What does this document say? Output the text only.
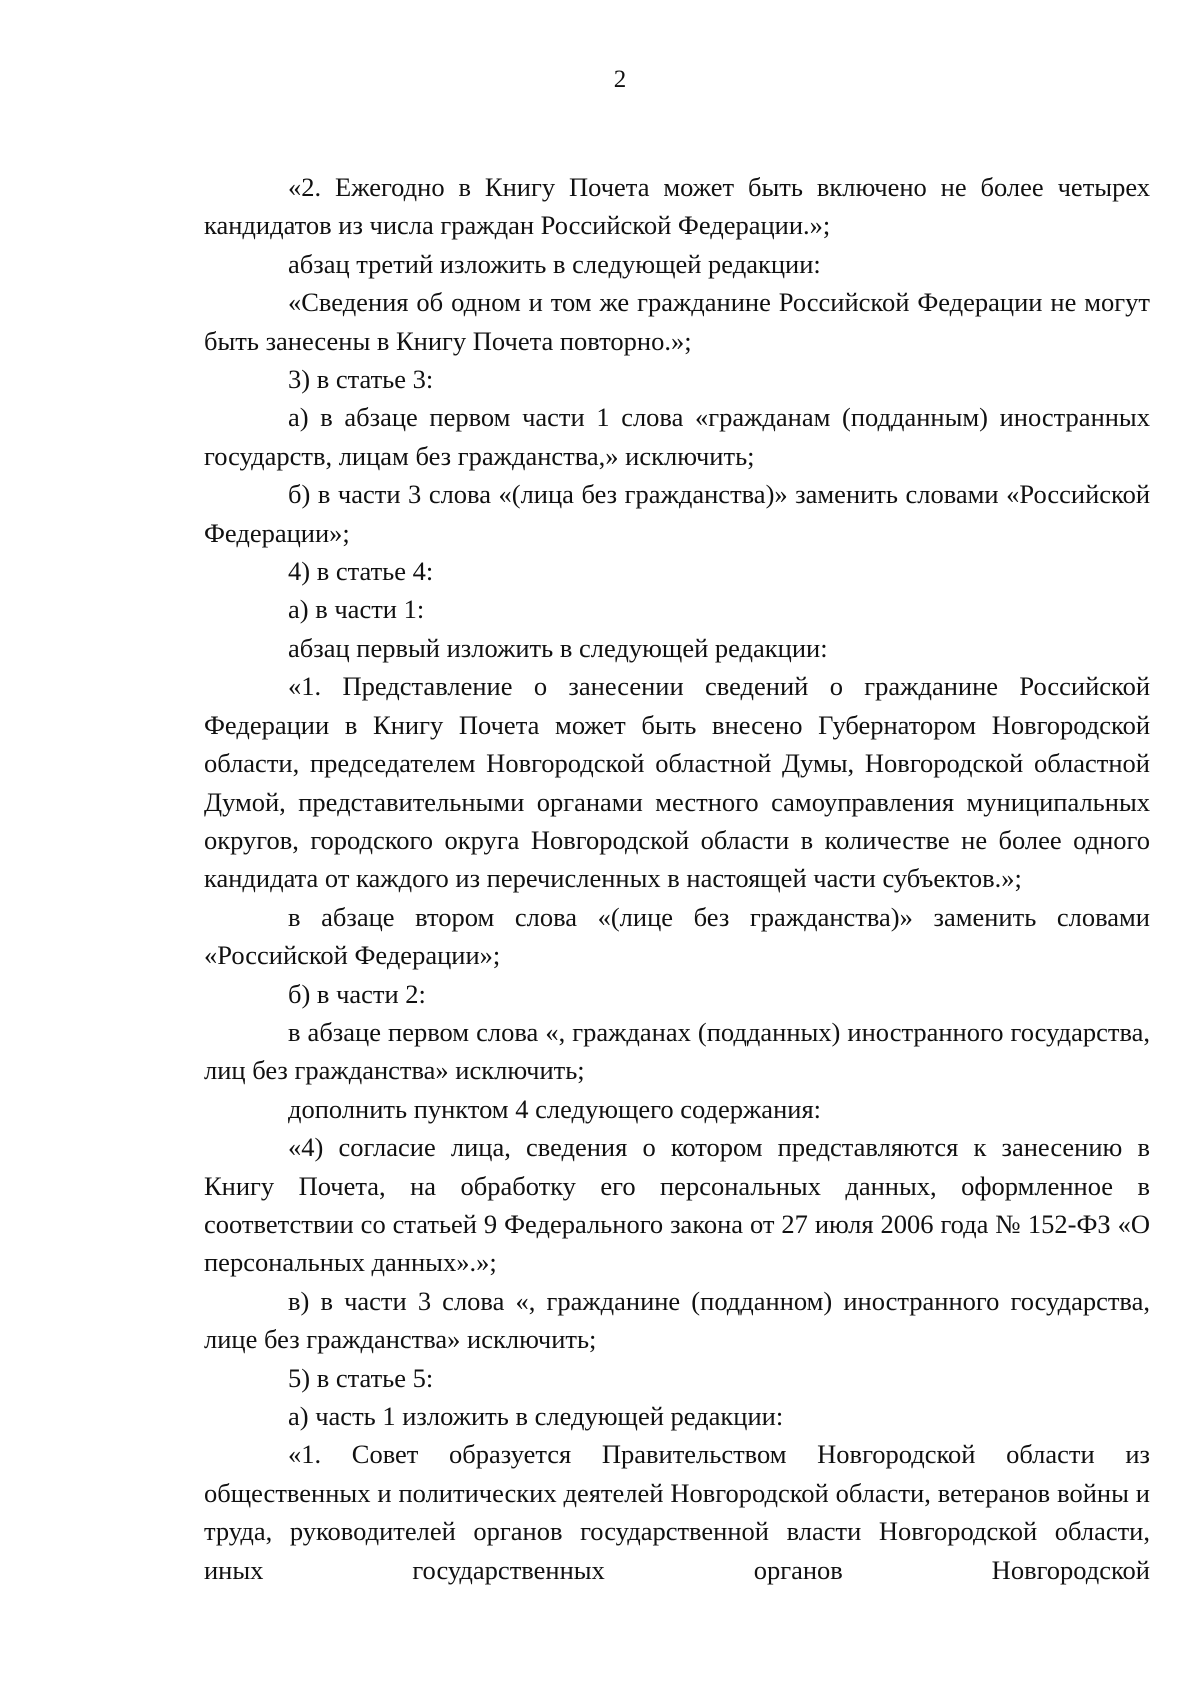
2

«2. Ежегодно в Книгу Почета может быть включено не более четырех кандидатов из числа граждан Российской Федерации.»;

абзац третий изложить в следующей редакции:

«Сведения об одном и том же гражданине Российской Федерации не могут быть занесены в Книгу Почета повторно.»;

3) в статье 3:

а) в абзаце первом части 1 слова «гражданам (подданным) иностранных государств, лицам без гражданства,» исключить;

б) в части 3 слова «(лица без гражданства)» заменить словами «Российской Федерации»;

4) в статье 4:

а) в части 1:

абзац первый изложить в следующей редакции:

«1. Представление о занесении сведений о гражданине Российской Федерации в Книгу Почета может быть внесено Губернатором Новгородской области, председателем Новгородской областной Думы, Новгородской областной Думой, представительными органами местного самоуправления муниципальных округов, городского округа Новгородской области в количестве не более одного кандидата от каждого из перечисленных в настоящей части субъектов.»;

в абзаце втором слова «(лице без гражданства)» заменить словами «Российской Федерации»;

б) в части 2:

в абзаце первом слова «, гражданах (подданных) иностранного государства, лиц без гражданства» исключить;

дополнить пунктом 4 следующего содержания:

«4) согласие лица, сведения о котором представляются к занесению в Книгу Почета, на обработку его персональных данных, оформленное в соответствии со статьей 9 Федерального закона от 27 июля 2006 года № 152-ФЗ «О персональных данных».»;

в) в части 3 слова «, гражданине (подданном) иностранного государства, лице без гражданства» исключить;

5) в статье 5:

а) часть 1 изложить в следующей редакции:

«1. Совет образуется Правительством Новгородской области из общественных и политических деятелей Новгородской области, ветеранов войны и труда, руководителей органов государственной власти Новгородской области, иных государственных органов Новгородской
